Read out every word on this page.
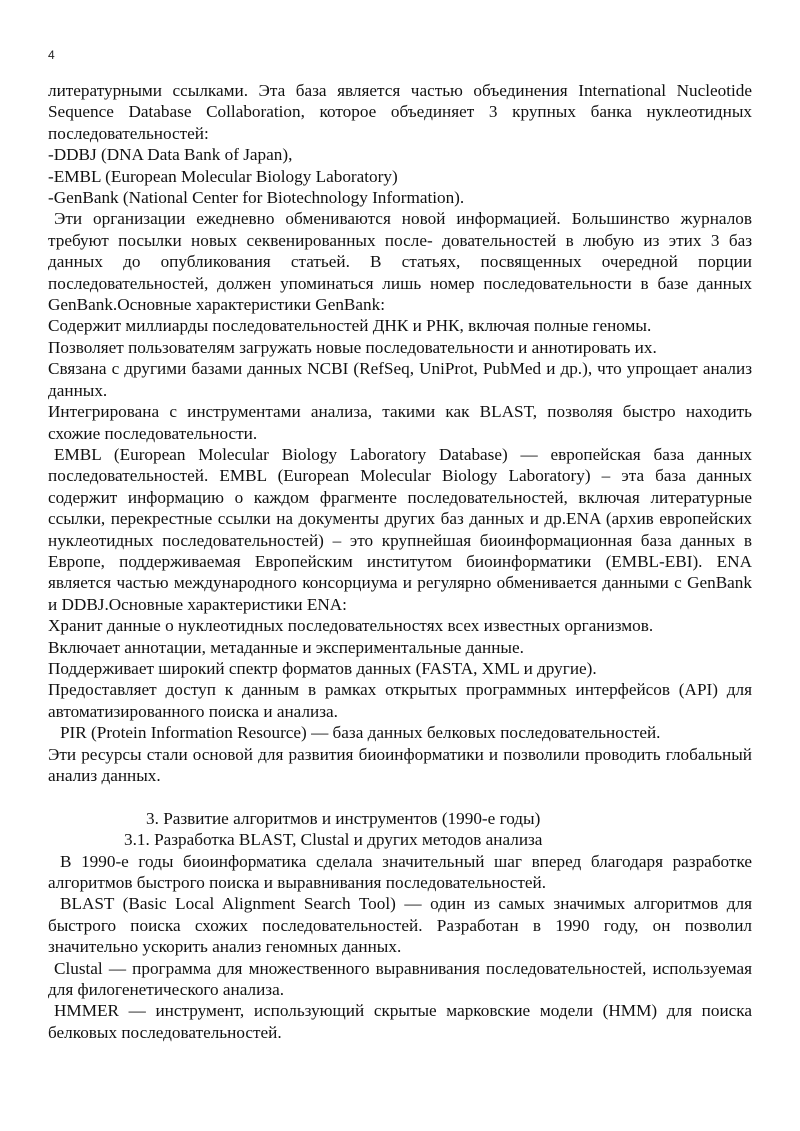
4

литературными ссылками. Эта база является частью объединения International Nucleotide Sequence Database Collaboration, которое объединяет 3 крупных банка нуклеотидных последовательностей:

-DDBJ (DNA Data Bank of Japan),

-EMBL (European Molecular Biology Laboratory)

-GenBank (National Center for Biotechnology Information).

Эти организации ежедневно обмениваются новой информацией. Большинство журналов требуют посылки новых секвенированных после- довательностей в любую из этих 3 баз данных до опубликования статьей. В статьях, посвященных очередной порции последовательностей, должен упоминаться лишь номер последовательности в базе данных GenBank.Основные характеристики GenBank:

Содержит миллиарды последовательностей ДНК и РНК, включая полные геномы.

Позволяет пользователям загружать новые последовательности и аннотировать их.

Связана с другими базами данных NCBI (RefSeq, UniProt, PubMed и др.), что упрощает анализ данных.

Интегрирована с инструментами анализа, такими как BLAST, позволяя быстро находить схожие последовательности.

EMBL (European Molecular Biology Laboratory Database) — европейская база данных последовательностей. EMBL (European Molecular Biology Laboratory) – эта база данных содержит информацию о каждом фрагменте последовательностей, включая литературные ссылки, перекрестные ссылки на документы других баз данных и др.ENA (архив европейских нуклеотидных последовательностей) – это крупнейшая биоинформационная база данных в Европе, поддерживаемая Европейским институтом биоинформатики (EMBL-EBI). ENA является частью международного консорциума и регулярно обменивается данными с GenBank и DDBJ.Основные характеристики ENA:

Хранит данные о нуклеотидных последовательностях всех известных организмов.

Включает аннотации, метаданные и экспериментальные данные.

Поддерживает широкий спектр форматов данных (FASTA, XML и другие).

Предоставляет доступ к данным в рамках открытых программных интерфейсов (API) для автоматизированного поиска и анализа.

PIR (Protein Information Resource) — база данных белковых последовательностей.

Эти ресурсы стали основой для развития биоинформатики и позволили проводить глобальный анализ данных.

3. Развитие алгоритмов и инструментов (1990-е годы)

3.1. Разработка BLAST, Clustal и других методов анализа

В 1990-е годы биоинформатика сделала значительный шаг вперед благодаря разработке алгоритмов быстрого поиска и выравнивания последовательностей.

BLAST (Basic Local Alignment Search Tool) — один из самых значимых алгоритмов для быстрого поиска схожих последовательностей. Разработан в 1990 году, он позволил значительно ускорить анализ геномных данных.

Clustal — программа для множественного выравнивания последовательностей, используемая для филогенетического анализа.

HMMER — инструмент, использующий скрытые марковские модели (HMM) для поиска белковых последовательностей.
